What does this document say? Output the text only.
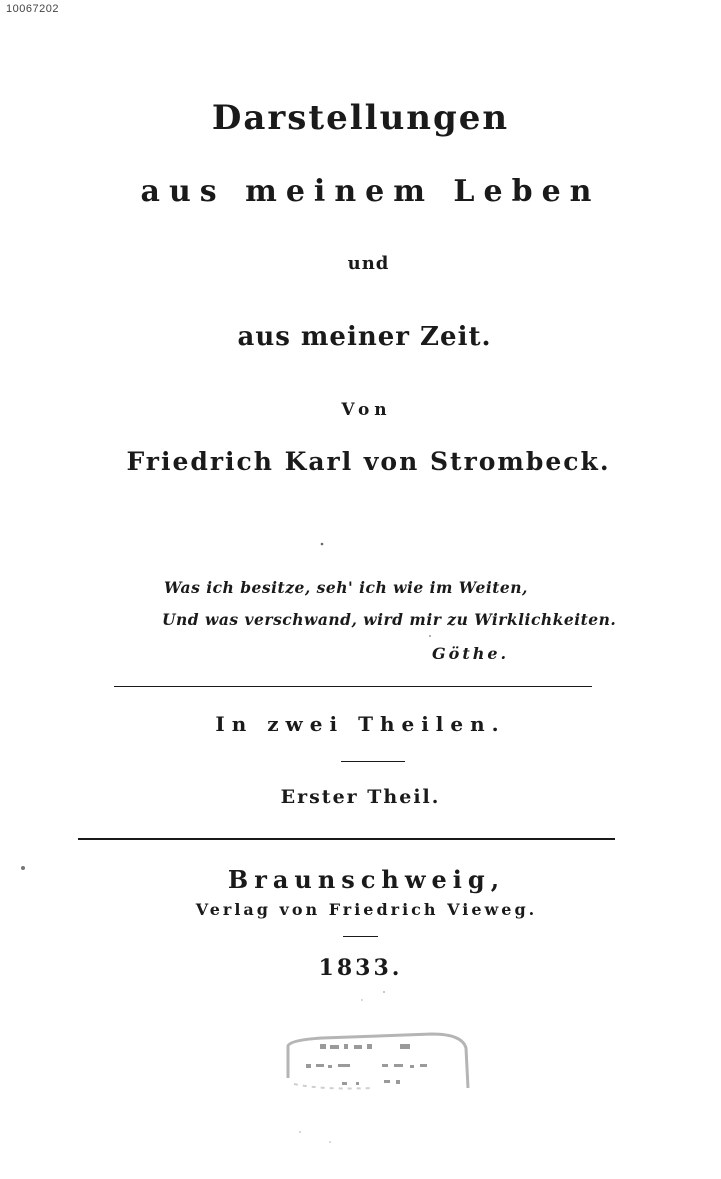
10067202
Darstellungen
aus meinem Leben
und
aus meiner Zeit.
Von
Friedrich Karl von Strombeck.
Was ich besitze, seh' ich wie im Weiten,
Und was verschwand, wird mir zu Wirklichkeiten.
Göthe.
In zwei Theilen.
Erster Theil.
Braunschweig,
Verlag von Friedrich Vieweg.
1833.
